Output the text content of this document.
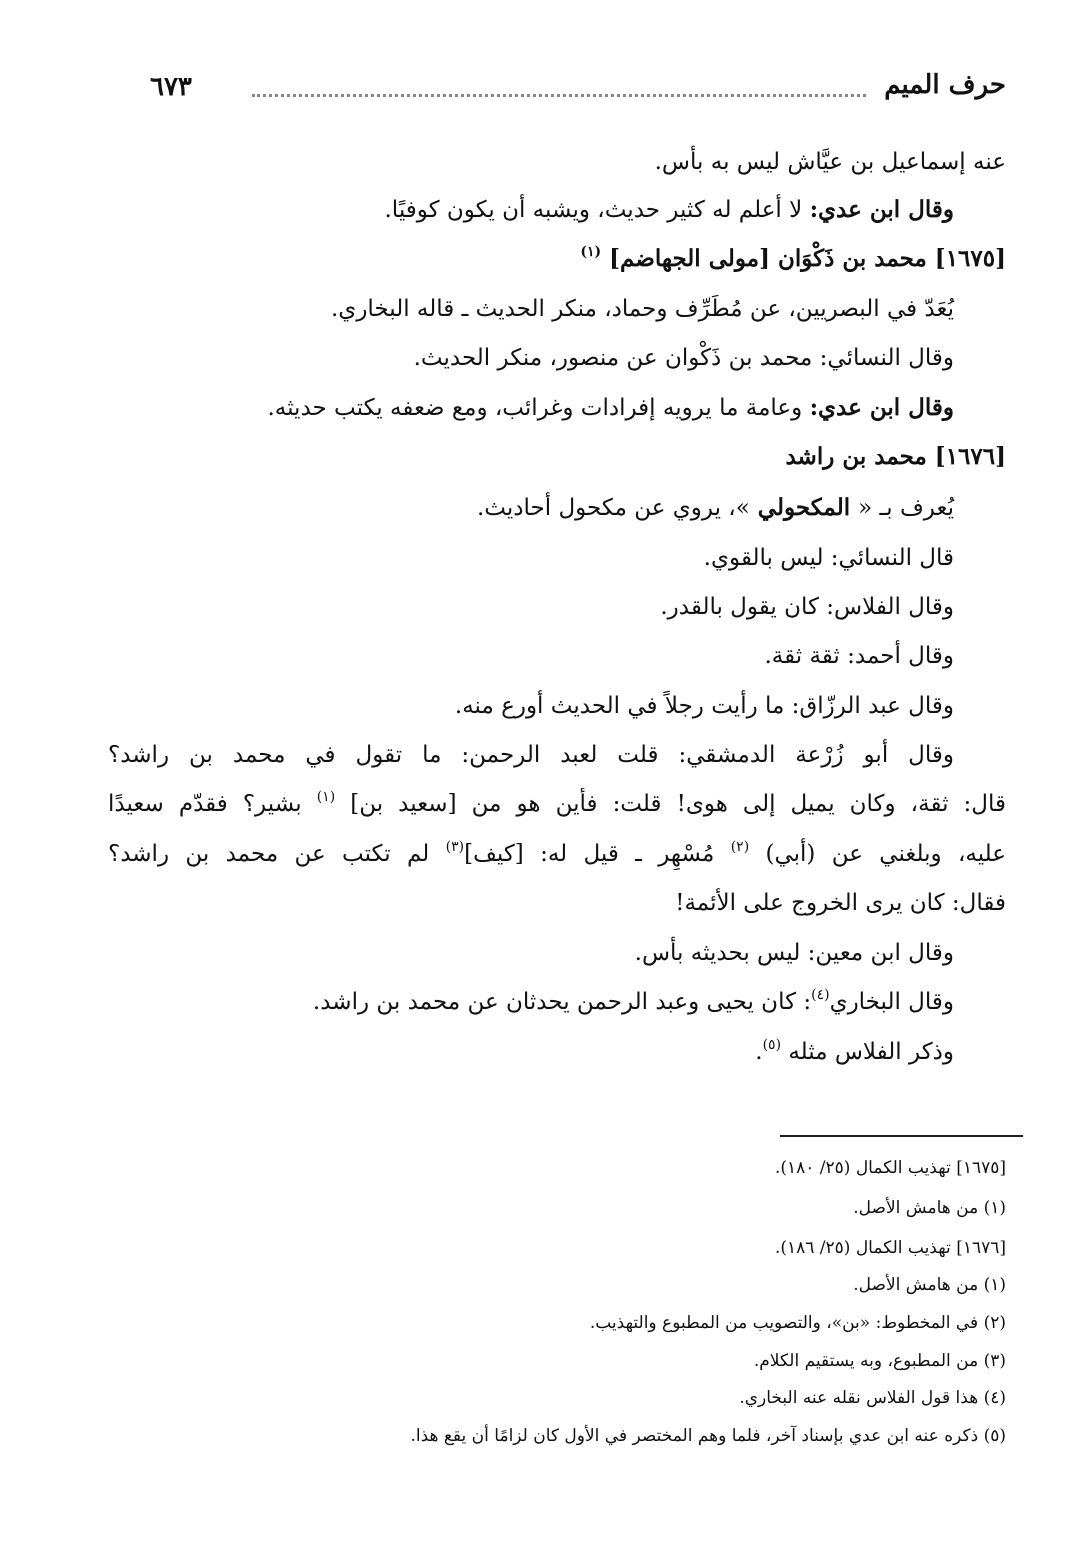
حرف الميم
٦٧٣
عنه إسماعيل بن عيَّاش ليس به بأس.
وقال ابن عدي: لا أعلم له كثير حديث، ويشبه أن يكون كوفيًا.
[١٦٧٥] محمد بن ذَكْوَان [مولى الجهاضم] $^{(١)}$
يُعَدّ في البصريين، عن مُطَرِّف وحماد، منكر الحديث ـ قاله البخاري.
وقال النسائي: محمد بن ذَكْوان عن منصور، منكر الحديث.
وقال ابن عدي: وعامة ما يرويه إفرادات وغرائب، ومع ضعفه يكتب حديثه.
[١٦٧٦] محمد بن راشد
يُعرف بـ « المكحولي »، يروي عن مكحول أحاديث.
قال النسائي: ليس بالقوي.
وقال الفلاس: كان يقول بالقدر.
وقال أحمد: ثقة ثقة.
وقال عبد الرزّاق: ما رأيت رجلاً في الحديث أورع منه.
وقال أبو زُرْعة الدمشقي: قلت لعبد الرحمن: ما تقول في محمد بن راشد؟
قال: ثقة، وكان يميل إلى هوى! قلت: فأين هو من [سعيد بن] $^{(١)}$ بشير؟ فقدّم سعيدًا
عليه، وبلغني عن (أبي) $^{(٢)}$ مُسْهِر ـ قيل له: [كيف]$^{(٣)}$ لم تكتب عن محمد بن راشد؟
فقال: كان يرى الخروج على الأئمة!
وقال ابن معين: ليس بحديثه بأس.
وقال البخاري$^{(٤)}$: كان يحيى وعبد الرحمن يحدثان عن محمد بن راشد.
وذكر الفلاس مثله $^{(٥)}$.
[١٦٧٥] تهذيب الكمال (٢٥/ ١٨٠).
(١) من هامش الأصل.
[١٦٧٦] تهذيب الكمال (٢٥/ ١٨٦).
(١) من هامش الأصل.
(٢) في المخطوط: «بن»، والتصويب من المطبوع والتهذيب.
(٣) من المطبوع، وبه يستقيم الكلام.
(٤) هذا قول الفلاس نقله عنه البخاري.
(٥) ذكره عنه ابن عدي بإسناد آخر، فلما وهم المختصر في الأول كان لزامًا أن يقع هذا.
